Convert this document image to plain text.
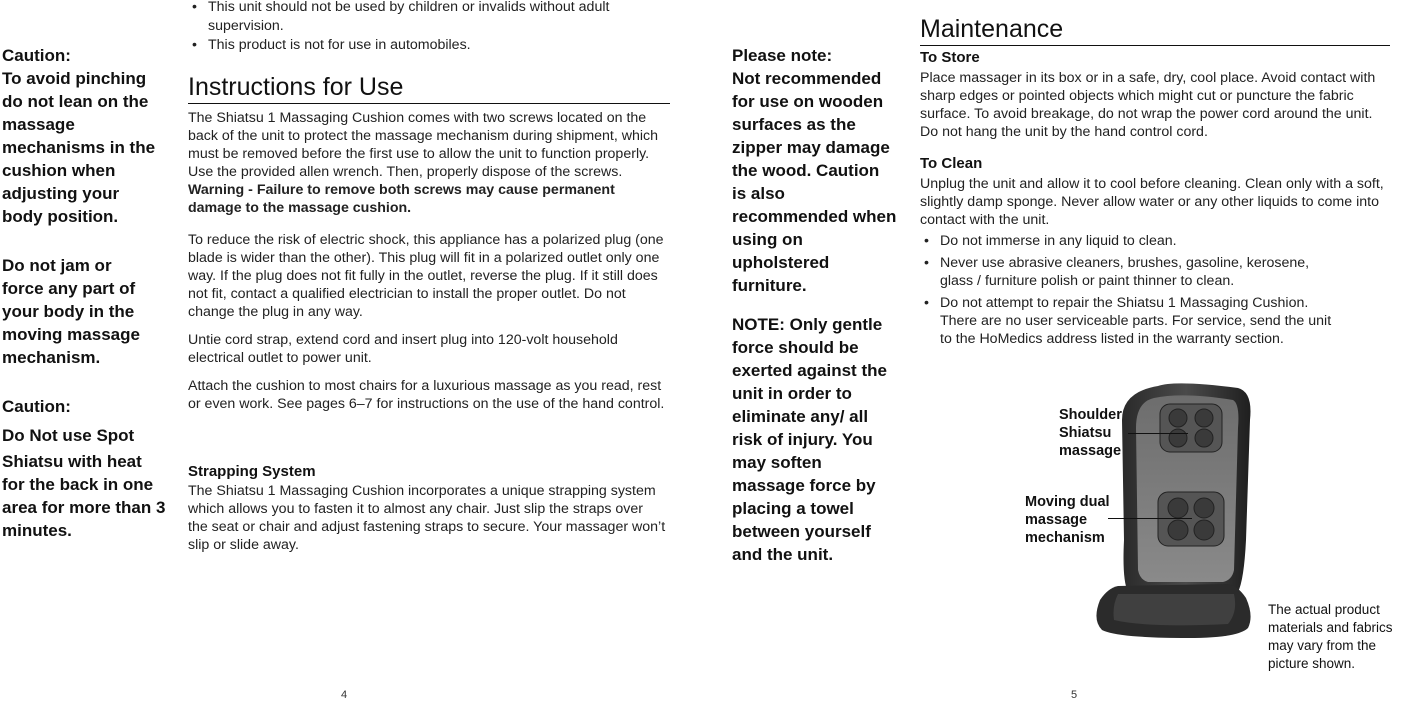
• This unit should not be used by children or invalids without adult supervision.
• This product is not for use in automobiles.

Caution:

To avoid pinching do not lean on the massage mechanisms in the cushion when adjusting your body position.

Do not jam or force any part of your body in the moving massage mechanism.

Caution:

Do Not use Spot

Shiatsu with heat for the back in one area for more than 3 minutes.

Instructions for Use

The Shiatsu 1 Massaging Cushion comes with two screws located on the back of the unit to protect the massage mechanism during shipment, which must be removed before the first use to allow the unit to function properly. Use the provided allen wrench. Then, properly dispose of the screws. Warning - Failure to remove both screws may cause permanent damage to the massage cushion.

To reduce the risk of electric shock, this appliance has a polarized plug (one blade is wider than the other). This plug will fit in a polarized outlet only one way. If the plug does not fit fully in the outlet, reverse the plug. If it still does not fit, contact a qualified electrician to install the proper outlet. Do not change the plug in any way.

Untie cord strap, extend cord and insert plug into 120-volt household electrical outlet to power unit.

Attach the cushion to most chairs for a luxurious massage as you read, rest or even work. See pages 6–7 for instructions on the use of the hand control.

Strapping System

The Shiatsu 1 Massaging Cushion incorporates a unique strapping system which allows you to fasten it to almost any chair. Just slip the straps over the seat or chair and adjust fastening straps to secure. Your massager won’t slip or slide away.

4

Please note:

Not recommended for use on wooden surfaces as the zipper may damage the wood. Caution is also recommended when using on upholstered furniture.

NOTE: Only gentle force should be exerted against the unit in order to eliminate any/ all risk of injury. You may soften massage force by placing a towel between yourself and the unit.

Maintenance
To Store

Place massager in its box or in a safe, dry, cool place. Avoid contact with sharp edges or pointed objects which might cut or puncture the fabric surface. To avoid breakage, do not wrap the power cord around the unit. Do not hang the unit by the hand control cord.

To Clean

Unplug the unit and allow it to cool before cleaning. Clean only with a soft, slightly damp sponge. Never allow water or any other liquids to come into contact with the unit.

• Do not immerse in any liquid to clean.
• Never use abrasive cleaners, brushes, gasoline, kerosene, glass / furniture polish or paint thinner to clean.
• Do not attempt to repair the Shiatsu 1 Massaging Cushion. There are no user serviceable parts. For service, send the unit to the HoMedics address listed in the warranty section.
Shoulder Shiatsu massage
Moving dual massage mechanism
The actual product materials and fabrics may vary from the picture shown.
5
